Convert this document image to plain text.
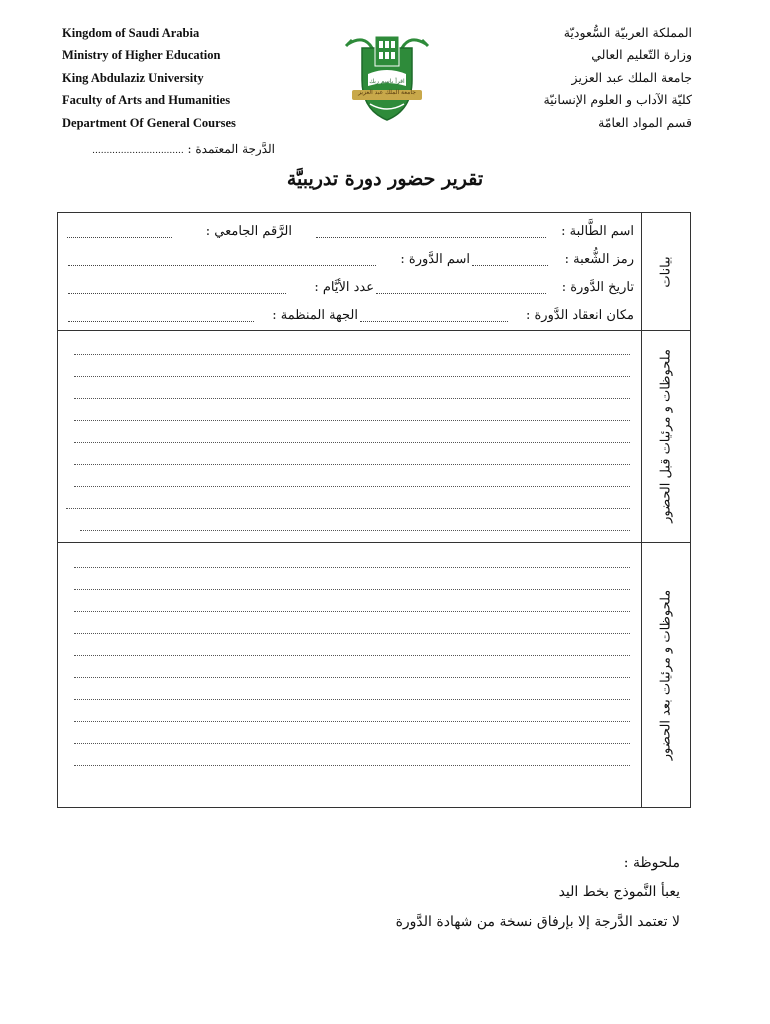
Kingdom of Saudi Arabia
Ministry of Higher Education
King Abdulaziz University
Faculty of Arts and Humanities
Department Of General Courses
المملكة العربيّة السُّعوديّة
وزارة التّعليم العالي
جامعة الملك عبد العزيز
كليّة الآداب و العلوم الإنسانيّة
قسم المواد العامّة
اقرأ باسم ربك
جامعة الملك عبد العزيز
الدَّرجة المعتمدة : ................................
تقرير حضور دورة تدريبيَّة
بيانات
اسم الطَّالبة :
الرَّقم الجامعي :
رمز الشُّعبة :
اسم الدَّورة :
تاريخ الدَّورة :
عدد الأيَّام :
مكان انعقاد الدَّورة :
الجهة المنظمة :
ملحوظات و مرئيات قبل الحضور
ملحوظات و مرئيات بعد الحضور
ملحوظة :
يعبأ النَّموذج بخط اليد
لا تعتمد الدَّرجة إلا بإرفاق نسخة من شهادة الدَّورة
